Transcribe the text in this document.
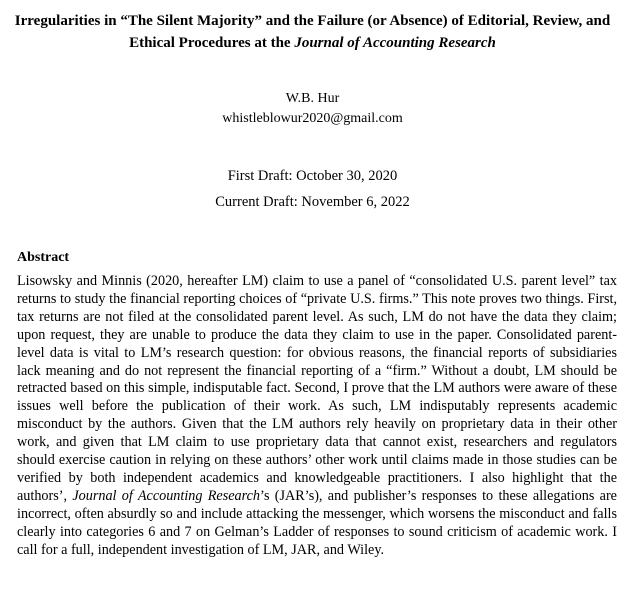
Irregularities in “The Silent Majority” and the Failure (or Absence) of Editorial, Review, and Ethical Procedures at the Journal of Accounting Research
W.B. Hur
whistleblowur2020@gmail.com
First Draft: October 30, 2020
Current Draft: November 6, 2022
Abstract
Lisowsky and Minnis (2020, hereafter LM) claim to use a panel of “consolidated U.S. parent level” tax returns to study the financial reporting choices of “private U.S. firms.” This note proves two things. First, tax returns are not filed at the consolidated parent level. As such, LM do not have the data they claim; upon request, they are unable to produce the data they claim to use in the paper. Consolidated parent-level data is vital to LM’s research question: for obvious reasons, the financial reports of subsidiaries lack meaning and do not represent the financial reporting of a “firm.” Without a doubt, LM should be retracted based on this simple, indisputable fact. Second, I prove that the LM authors were aware of these issues well before the publication of their work. As such, LM indisputably represents academic misconduct by the authors. Given that the LM authors rely heavily on proprietary data in their other work, and given that LM claim to use proprietary data that cannot exist, researchers and regulators should exercise caution in relying on these authors’ other work until claims made in those studies can be verified by both independent academics and knowledgeable practitioners. I also highlight that the authors’, Journal of Accounting Research’s (JAR’s), and publisher’s responses to these allegations are incorrect, often absurdly so and include attacking the messenger, which worsens the misconduct and falls clearly into categories 6 and 7 on Gelman’s Ladder of responses to sound criticism of academic work. I call for a full, independent investigation of LM, JAR, and Wiley.
